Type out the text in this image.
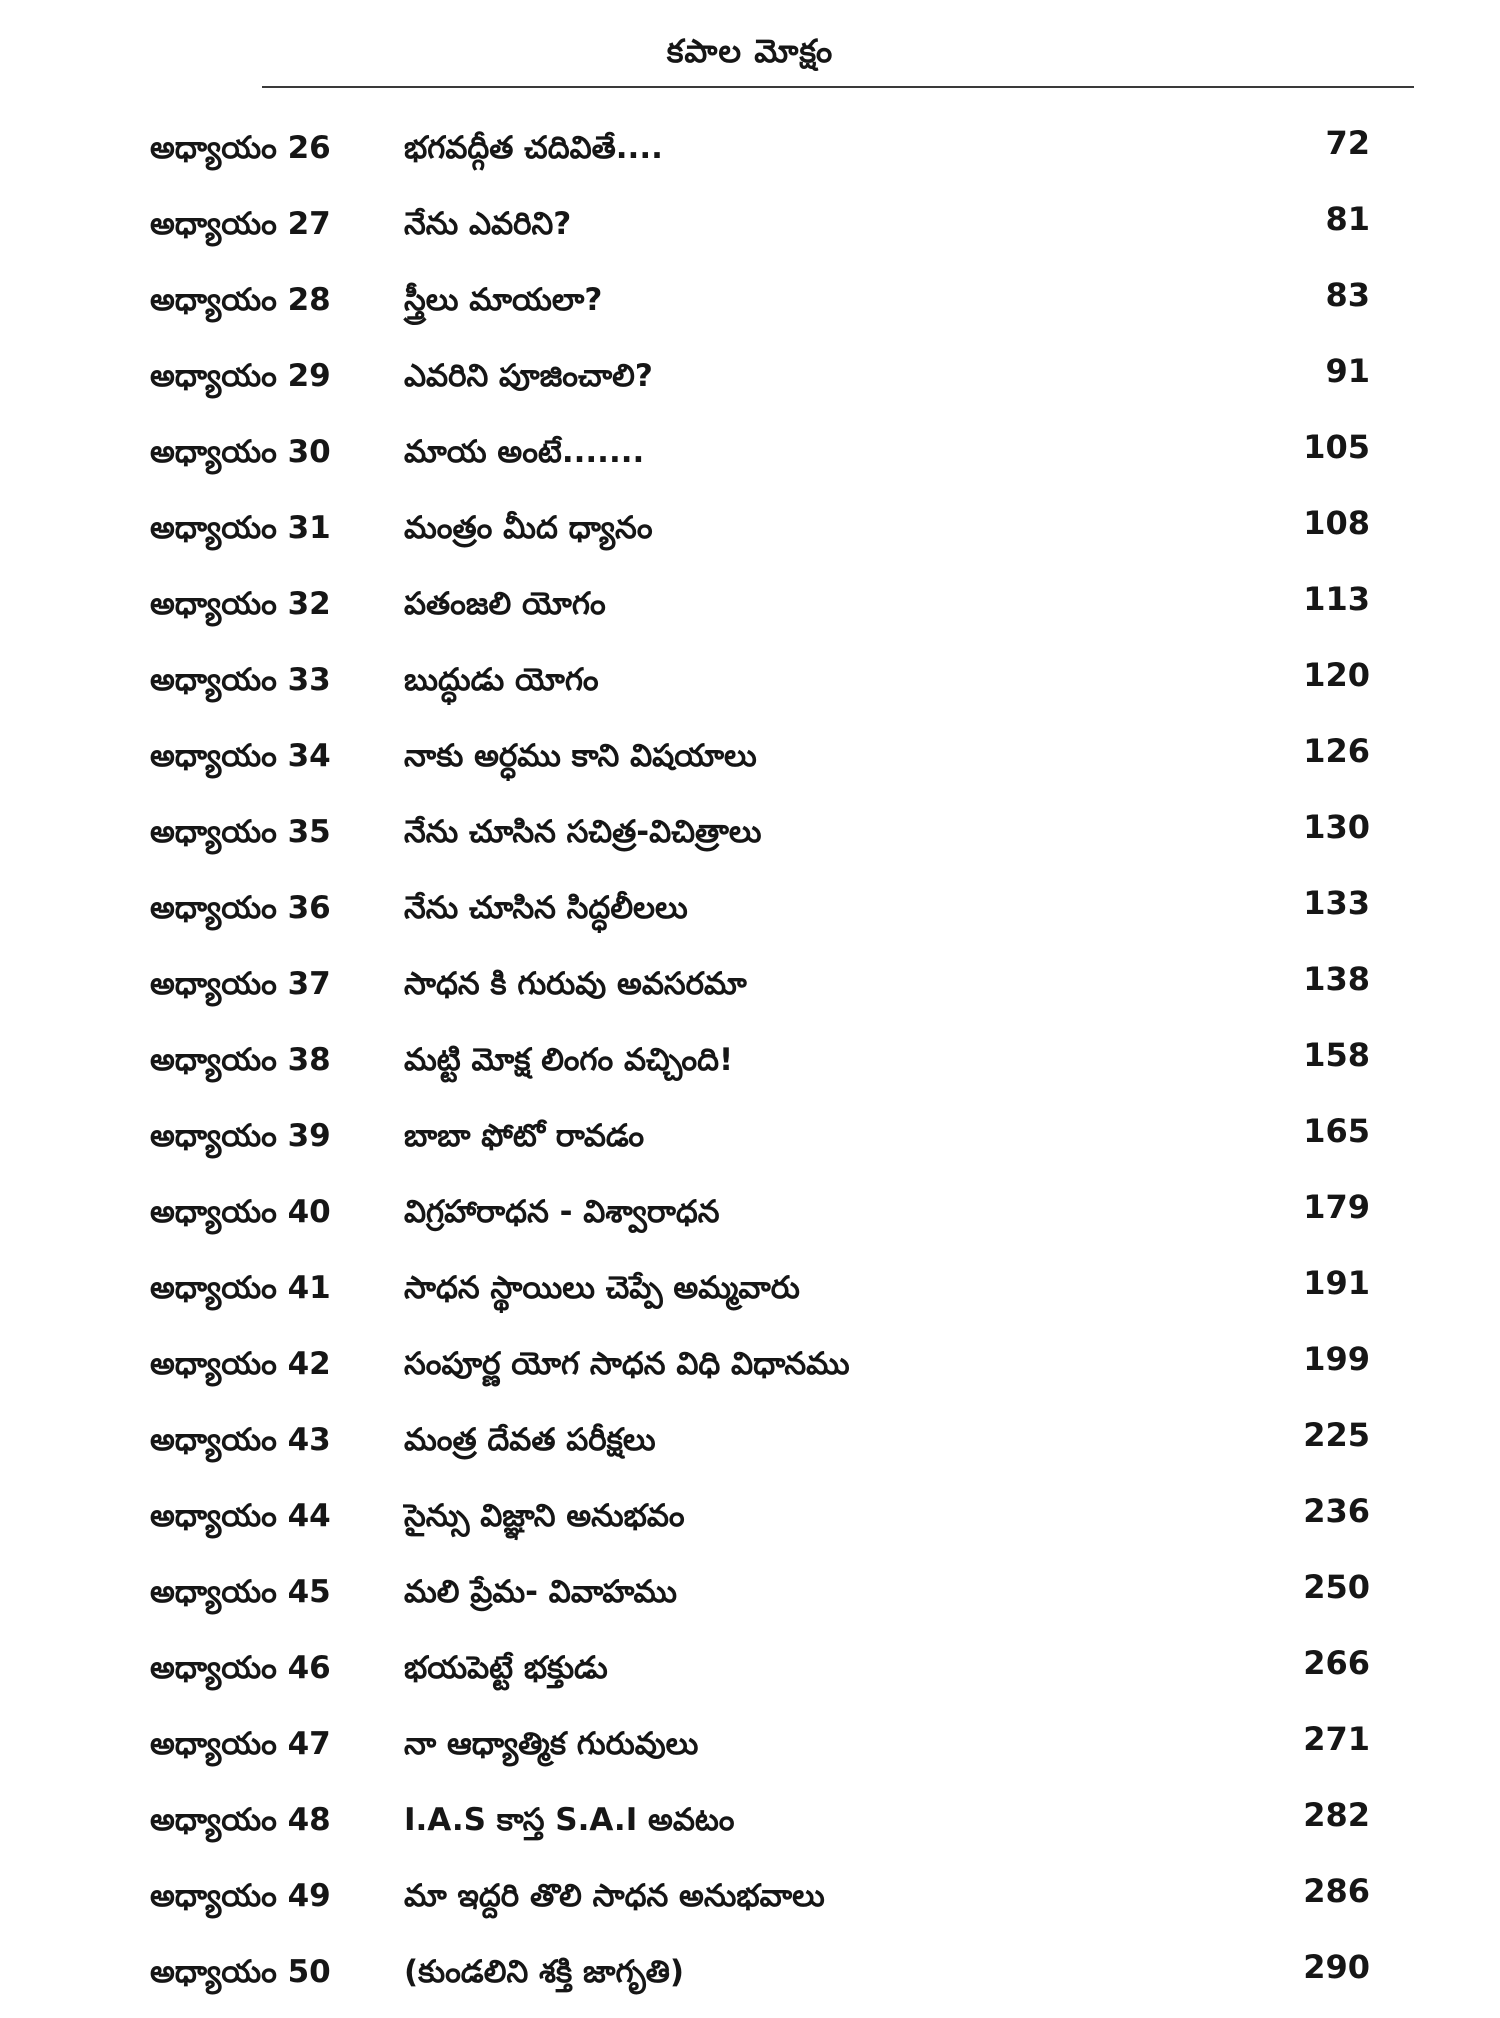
కపాల మోక్షం
అధ్యాయం 26 భగవద్గీత చదివితే....	72
అధ్యాయం 27 నేను ఎవరిని?	81
అధ్యాయం 28 స్త్రీలు మాయలా?	83
అధ్యాయం 29 ఎవరిని పూజించాలి?	91
అధ్యాయం 30 మాయ అంటే.......	105
అధ్యాయం 31 మంత్రం మీద ధ్యానం	108
అధ్యాయం 32 పతంజలి యోగం	113
అధ్యాయం 33 బుద్ధుడు యోగం	120
అధ్యాయం 34 నాకు అర్ధము కాని విషయాలు	126
అధ్యాయం 35 నేను చూసిన సచిత్ర-విచిత్రాలు	130
అధ్యాయం 36 నేను చూసిన సిద్ధలీలలు	133
అధ్యాయం 37 సాధన కి గురువు అవసరమా	138
అధ్యాయం 38 మట్టి మోక్ష లింగం వచ్చింది!	158
అధ్యాయం 39 బాబా ఫోటో రావడం	165
అధ్యాయం 40 విగ్రహారాధన - విశ్వారాధన	179
అధ్యాయం 41 సాధన స్థాయిలు చెప్పే అమ్మవారు	191
అధ్యాయం 42 సంపూర్ణ యోగ సాధన విధి విధానము	199
అధ్యాయం 43 మంత్ర దేవత పరీక్షలు	225
అధ్యాయం 44 సైన్సు విజ్ఞాని అనుభవం	236
అధ్యాయం 45 మలి ప్రేమ- వివాహము	250
అధ్యాయం 46 భయపెట్టే భక్తుడు	266
అధ్యాయం 47 నా ఆధ్యాత్మిక గురువులు	271
అధ్యాయం 48 I.A.S కాస్త S.A.I అవటం	282
అధ్యాయం 49 మా ఇద్దరి తొలి సాధన అనుభవాలు	286
అధ్యాయం 50 (కుండలిని శక్తి జాగృతి)	290
